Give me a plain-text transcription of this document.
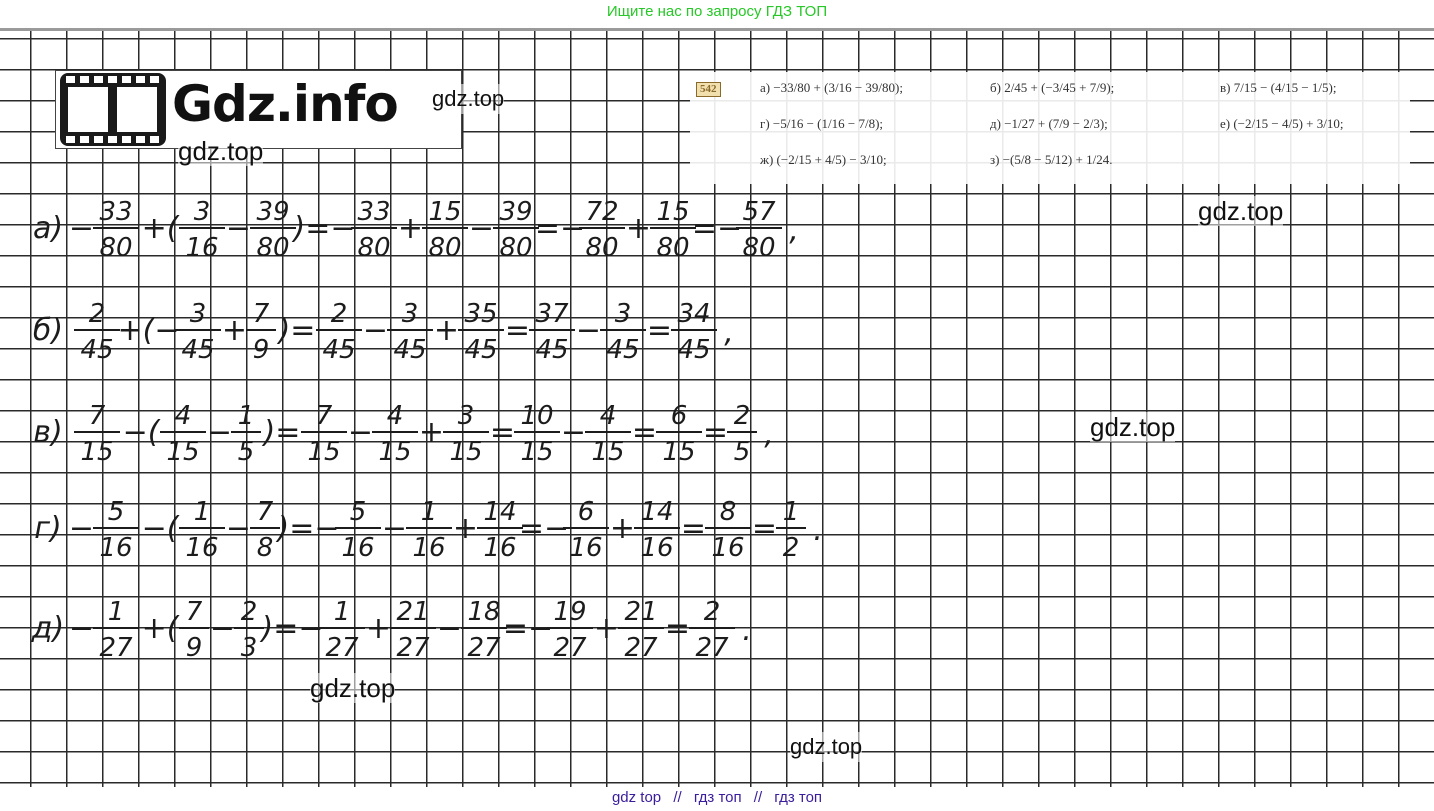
Ищите нас по запросу ГДЗ ТОП
Gdz.info	542	а) −33/80 + (3/16 − 39/80);	б) 2/45 + (−3/45 + 7/9);	в) 7/15 − (4/15 − 1/5);
г) −5/16 − (1/16 − 7/8);	д) −1/27 + (7/9 − 2/3);	е) (−2/15 − 4/5) + 3/10;
ж) (−2/15 + 4/5) − 3/10;	з) −(5/8 − 5/12) + 1/24.
а) − 33
80
+( 3
16
− 39
80
)=− 33
80
+ 15
80
− 39
80
=− 72
80
+ 15
80
=− 57
80 ,
б) 2
45
+(− 3
45
+ 7
9
)= 2
45
− 3
45
+ 35
45
= 37
45
− 3
45
= 34
45 ,
в) 7
15
−( 4
15
− 1
5
)= 7
15
− 4
15
+ 3
15
= 10
15
− 4
15
= 6
15
= 2
5 ,
г) − 5
16
−( 1
16
− 7
8
)=− 5
16
− 1
16
+ 14
16
=− 6
16
+ 14
16
= 8
16
= 1
2 .
д) − 1
27
+( 7
9
− 2
3
)=− 1
27
+ 21
27
− 18
27
=− 19
27
+ 21
27
= 2
27 .
gdz.top
gdz.top
gdz.top
gdz.top
gdz.top
gdz.top
gdz top // гдз топ // гдз топ
